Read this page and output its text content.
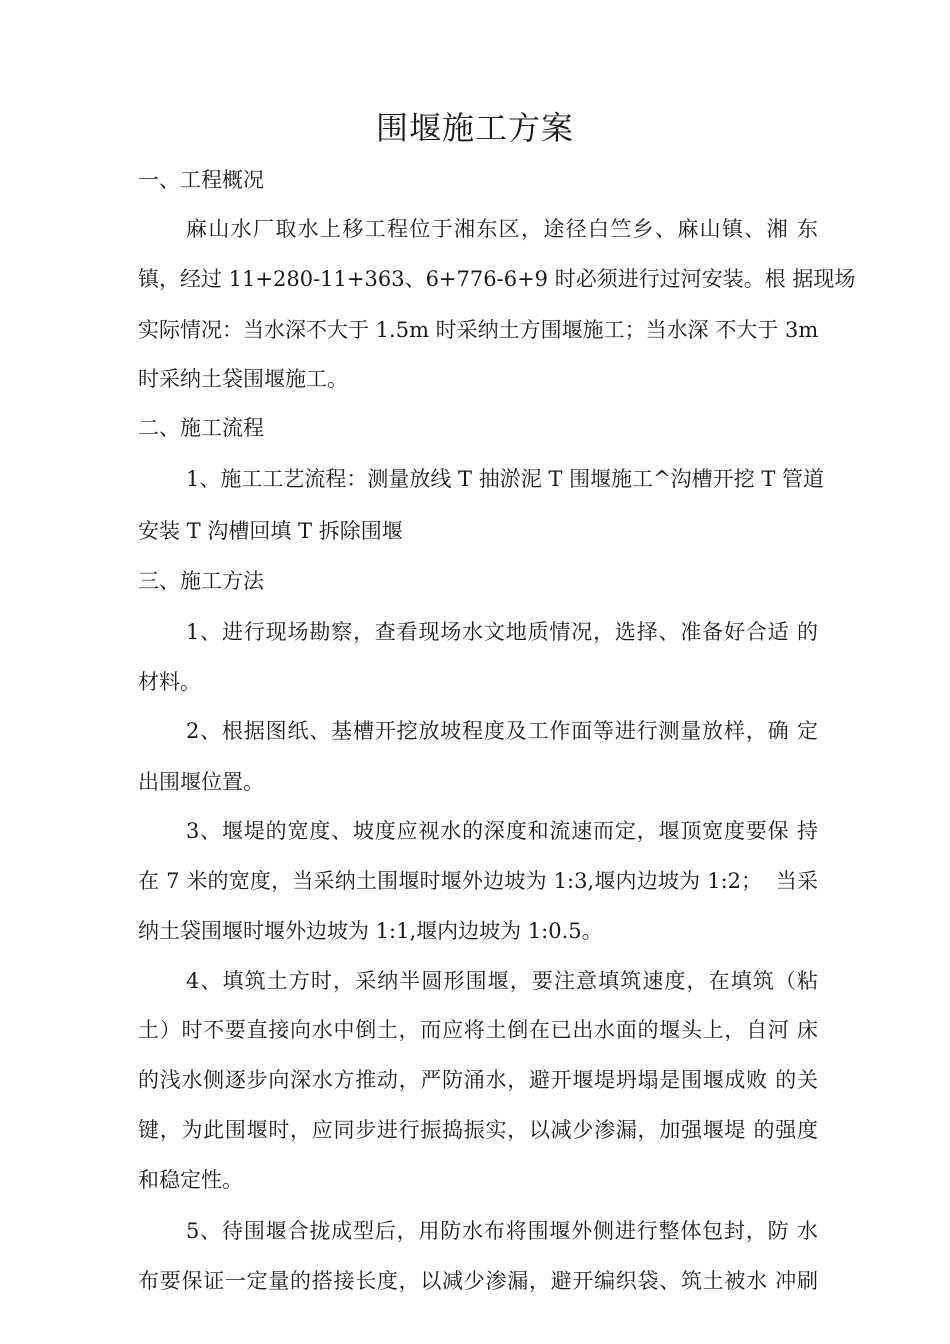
围堰施工方案
一、工程概况
麻山水厂取水上移工程位于湘东区，途径白竺乡、麻山镇、湘 东
镇，经过 11+280-11+363、6+776-6+9 时必须进行过河安装。根 据现场
实际情况：当水深不大于 1.5m 时采纳土方围堰施工；当水深 不大于 3m
时采纳土袋围堰施工。
二、施工流程
1、施工工艺流程：测量放线 T 抽淤泥 T 围堰施工^沟槽开挖 T 管道
安装 T 沟槽回填 T 拆除围堰
三、施工方法
1、进行现场勘察，查看现场水文地质情况，选择、准备好合适 的
材料。
2、根据图纸、基槽开挖放坡程度及工作面等进行测量放样，确 定
出围堰位置。
3、堰堤的宽度、坡度应视水的深度和流速而定，堰顶宽度要保 持
在 7 米的宽度，当采纳土围堰时堰外边坡为 1:3,堰内边坡为 1:2；  当采
纳土袋围堰时堰外边坡为 1:1,堰内边坡为 1:0.5。
4、填筑土方时，采纳半圆形围堰，要注意填筑速度，在填筑（粘
土）时不要直接向水中倒土，而应将土倒在已出水面的堰头上，自河 床
的浅水侧逐步向深水方推动，严防涌水，避开堰堤坍塌是围堰成败 的关
键，为此围堰时，应同步进行振捣振实，以减少渗漏，加强堰堤 的强度
和稳定性。
5、待围堰合拢成型后，用防水布将围堰外侧进行整体包封，防 水
布要保证一定量的搭接长度，以减少渗漏，避开编织袋、筑土被水 冲刷
